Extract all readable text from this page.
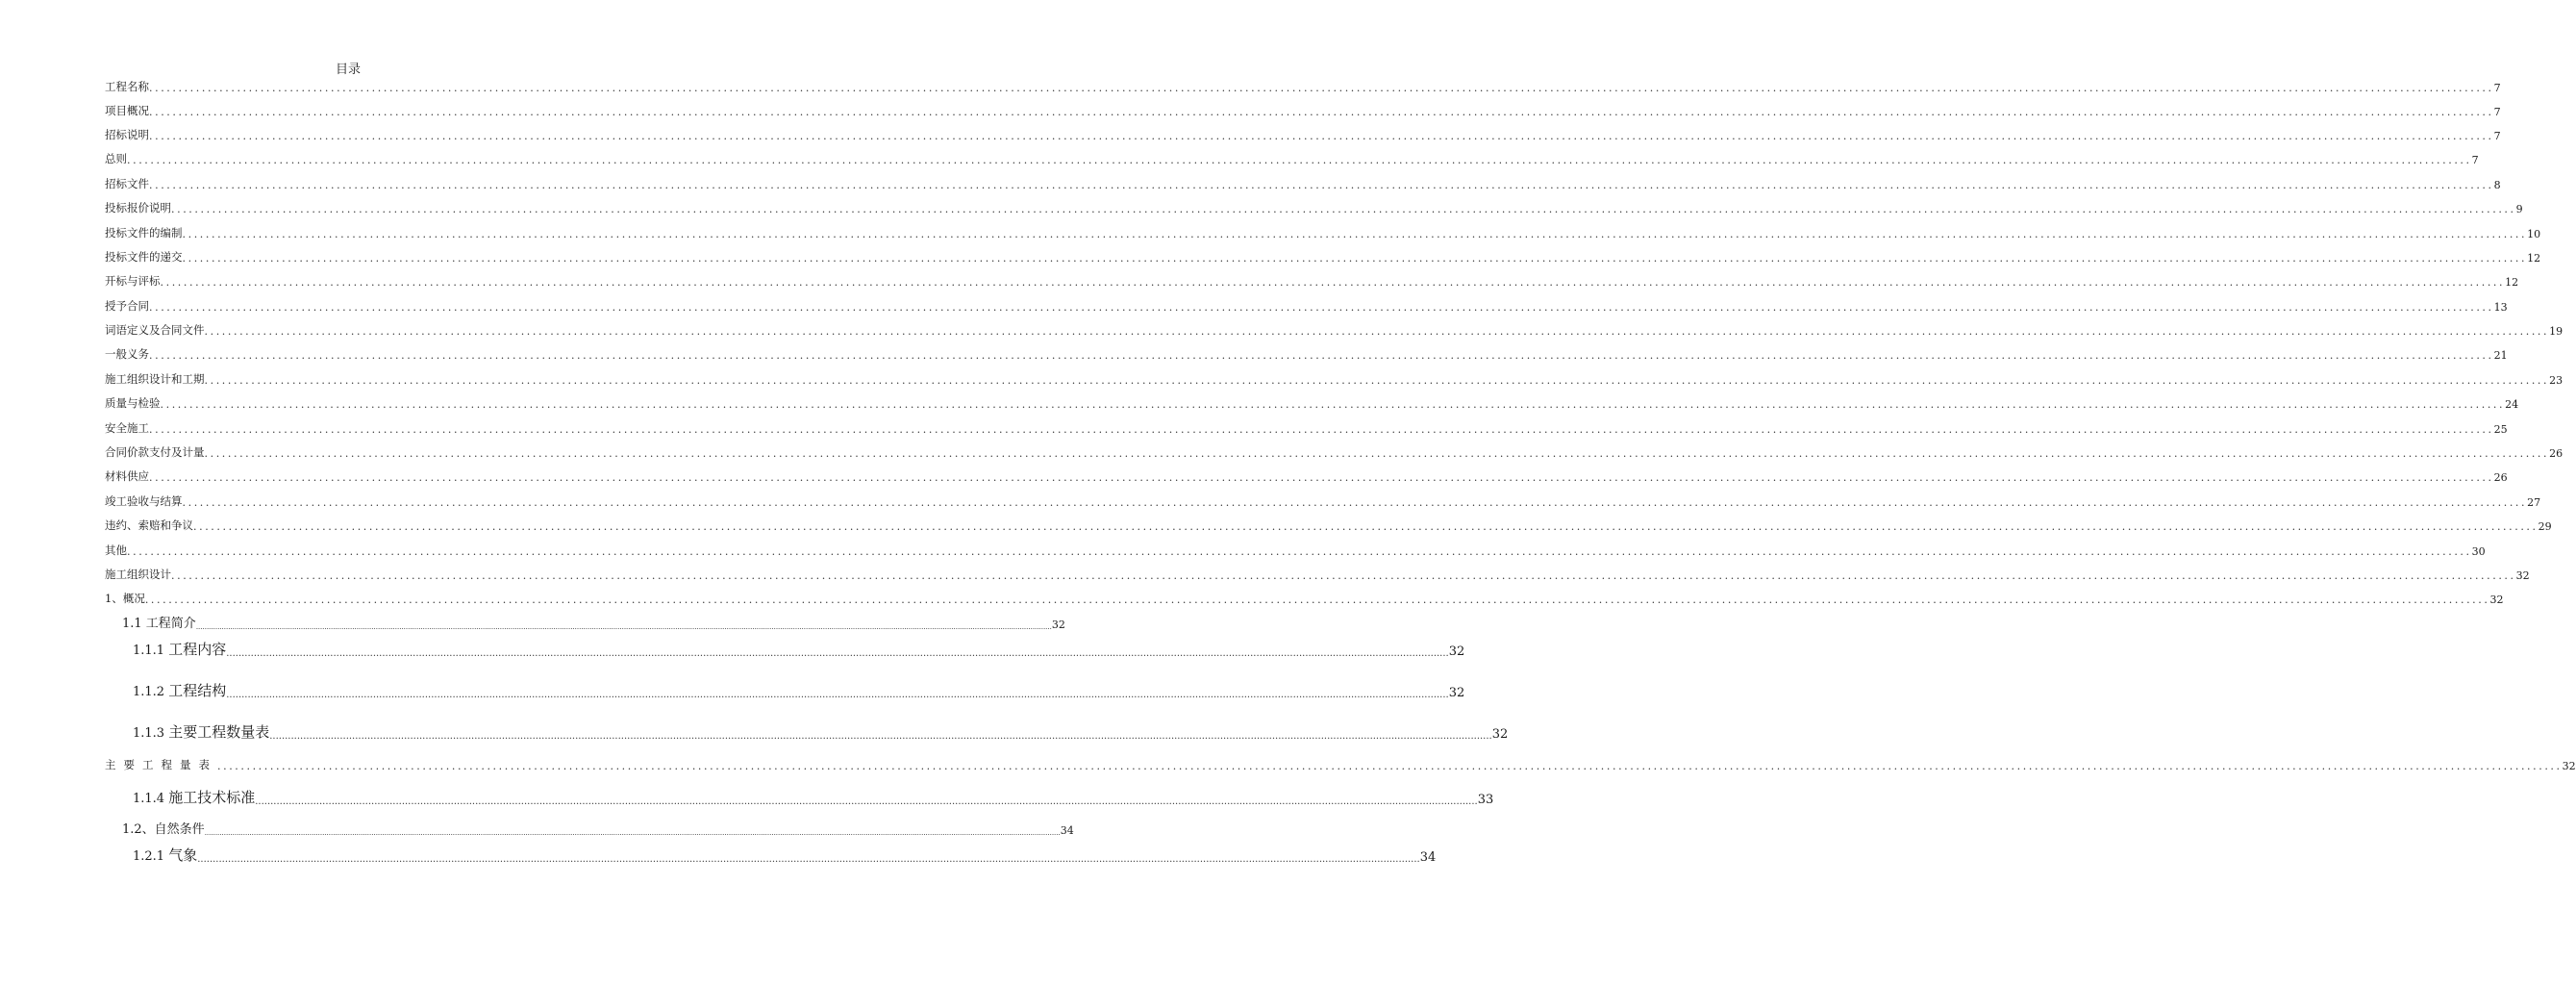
目录
工程名称 ................................................................................................................................................................................................................................................................................................................................................................................................................ 7
项目概况 ................................................................................................................................................................................................................................................................................................................................................................................................................ 7
招标说明 ................................................................................................................................................................................................................................................................................................................................................................................................................ 7
总则 ................................................................................................................................................................................................................................................................................................................................................................................................................ 7
招标文件 ................................................................................................................................................................................................................................................................................................................................................................................................................ 8
投标报价说明 ................................................................................................................................................................................................................................................................................................................................................................................................................ 9
投标文件的编制 ................................................................................................................................................................................................................................................................................................................................................................................................................ 10
投标文件的递交 ................................................................................................................................................................................................................................................................................................................................................................................................................ 12
开标与评标 ................................................................................................................................................................................................................................................................................................................................................................................................................ 12
授予合同 ................................................................................................................................................................................................................................................................................................................................................................................................................ 13
词语定义及合同文件 ................................................................................................................................................................................................................................................................................................................................................................................................................ 19
一般义务 ................................................................................................................................................................................................................................................................................................................................................................................................................ 21
施工组织设计和工期 ................................................................................................................................................................................................................................................................................................................................................................................................................ 23
质量与检验 ................................................................................................................................................................................................................................................................................................................................................................................................................ 24
安全施工 ................................................................................................................................................................................................................................................................................................................................................................................................................ 25
合同价款支付及计量 ................................................................................................................................................................................................................................................................................................................................................................................................................ 26
材料供应 ................................................................................................................................................................................................................................................................................................................................................................................................................ 26
竣工验收与结算 ................................................................................................................................................................................................................................................................................................................................................................................................................ 27
违约、索赔和争议 ................................................................................................................................................................................................................................................................................................................................................................................................................ 29
其他 ................................................................................................................................................................................................................................................................................................................................................................................................................ 30
施工组织设计 ................................................................................................................................................................................................................................................................................................................................................................................................................ 32
1、概况 ................................................................................................................................................................................................................................................................................................................................................................................................................ 32
1.1 工程简介 ................................................................................................................................................................................................................................................................................................................................................................................................................ 32
1.1.1 工程内容 ................................................................................................................................................................................................................................................................................................................................................................................................................ 32
1.1.2 工程结构 ................................................................................................................................................................................................................................................................................................................................................................................................................ 32
1.1.3 主要工程数量表 ................................................................................................................................................................................................................................................................................................................................................................................................................ 32
主要工程量表 ................................................................................................................................................................................................................................................................................................................................................................................................................ 32
1.1.4 施工技术标准 ................................................................................................................................................................................................................................................................................................................................................................................................................ 33
1.2、自然条件 ................................................................................................................................................................................................................................................................................................................................................................................................................ 34
1.2.1 气象 ................................................................................................................................................................................................................................................................................................................................................................................................................ 34
